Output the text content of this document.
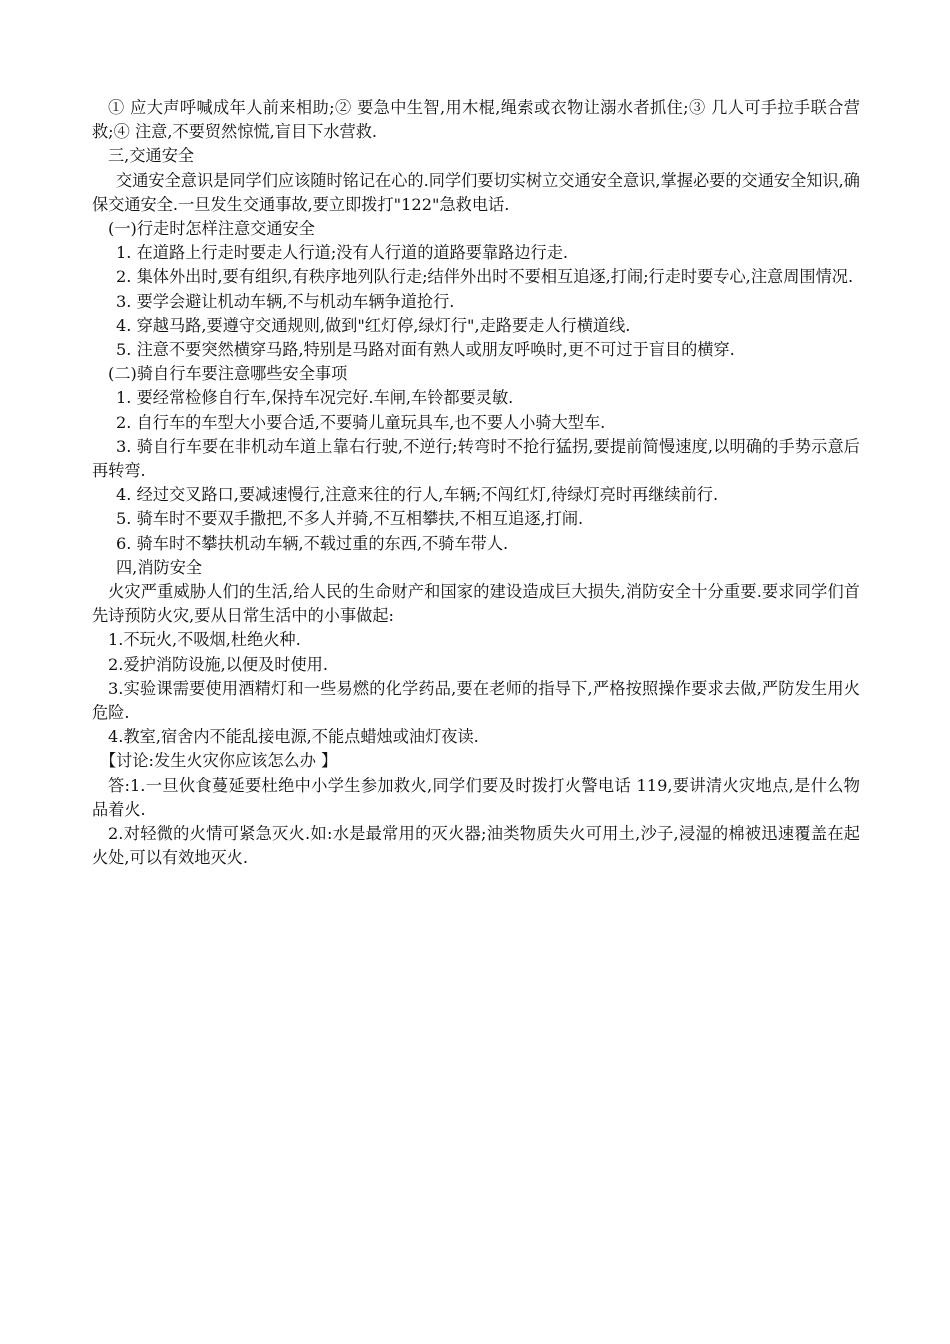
① 应大声呼喊成年人前来相助;② 要急中生智,用木棍,绳索或衣物让溺水者抓住;③ 几人可手拉手联合营救;④ 注意,不要贸然惊慌,盲目下水营救.

三,交通安全

交通安全意识是同学们应该随时铭记在心的.同学们要切实树立交通安全意识,掌握必要的交通安全知识,确保交通安全.一旦发生交通事故,要立即拨打"122"急救电话.

(一)行走时怎样注意交通安全

1. 在道路上行走时要走人行道;没有人行道的道路要靠路边行走.

2. 集体外出时,要有组织,有秩序地列队行走;结伴外出时不要相互追逐,打闹;行走时要专心,注意周围情况.

3. 要学会避让机动车辆,不与机动车辆争道抢行.

4. 穿越马路,要遵守交通规则,做到"红灯停,绿灯行",走路要走人行横道线.

5. 注意不要突然横穿马路,特别是马路对面有熟人或朋友呼唤时,更不可过于盲目的横穿.

(二)骑自行车要注意哪些安全事项

1. 要经常检修自行车,保持车况完好.车闸,车铃都要灵敏.

2. 自行车的车型大小要合适,不要骑儿童玩具车,也不要人小骑大型车.

3. 骑自行车要在非机动车道上靠右行驶,不逆行;转弯时不抢行猛拐,要提前简慢速度,以明确的手势示意后再转弯.

4. 经过交叉路口,要减速慢行,注意来往的行人,车辆;不闯红灯,待绿灯亮时再继续前行.

5. 骑车时不要双手撒把,不多人并骑,不互相攀扶,不相互追逐,打闹.

6. 骑车时不攀扶机动车辆,不载过重的东西,不骑车带人.

四,消防安全

火灾严重威胁人们的生活,给人民的生命财产和国家的建设造成巨大损失,消防安全十分重要.要求同学们首先诗预防火灾,要从日常生活中的小事做起:

1.不玩火,不吸烟,杜绝火种.

2.爱护消防设施,以便及时使用.

3.实验课需要使用酒精灯和一些易燃的化学药品,要在老师的指导下,严格按照操作要求去做,严防发生用火危险.

4.教室,宿舍内不能乱接电源,不能点蜡烛或油灯夜读.

【讨论:发生火灾你应该怎么办 】

答:1.一旦伙食蔓延要杜绝中小学生参加救火,同学们要及时拨打火警电话 119,要讲清火灾地点,是什么物品着火.

2.对轻微的火情可紧急灭火.如:水是最常用的灭火器;油类物质失火可用土,沙子,浸湿的棉被迅速覆盖在起火处,可以有效地灭火.
